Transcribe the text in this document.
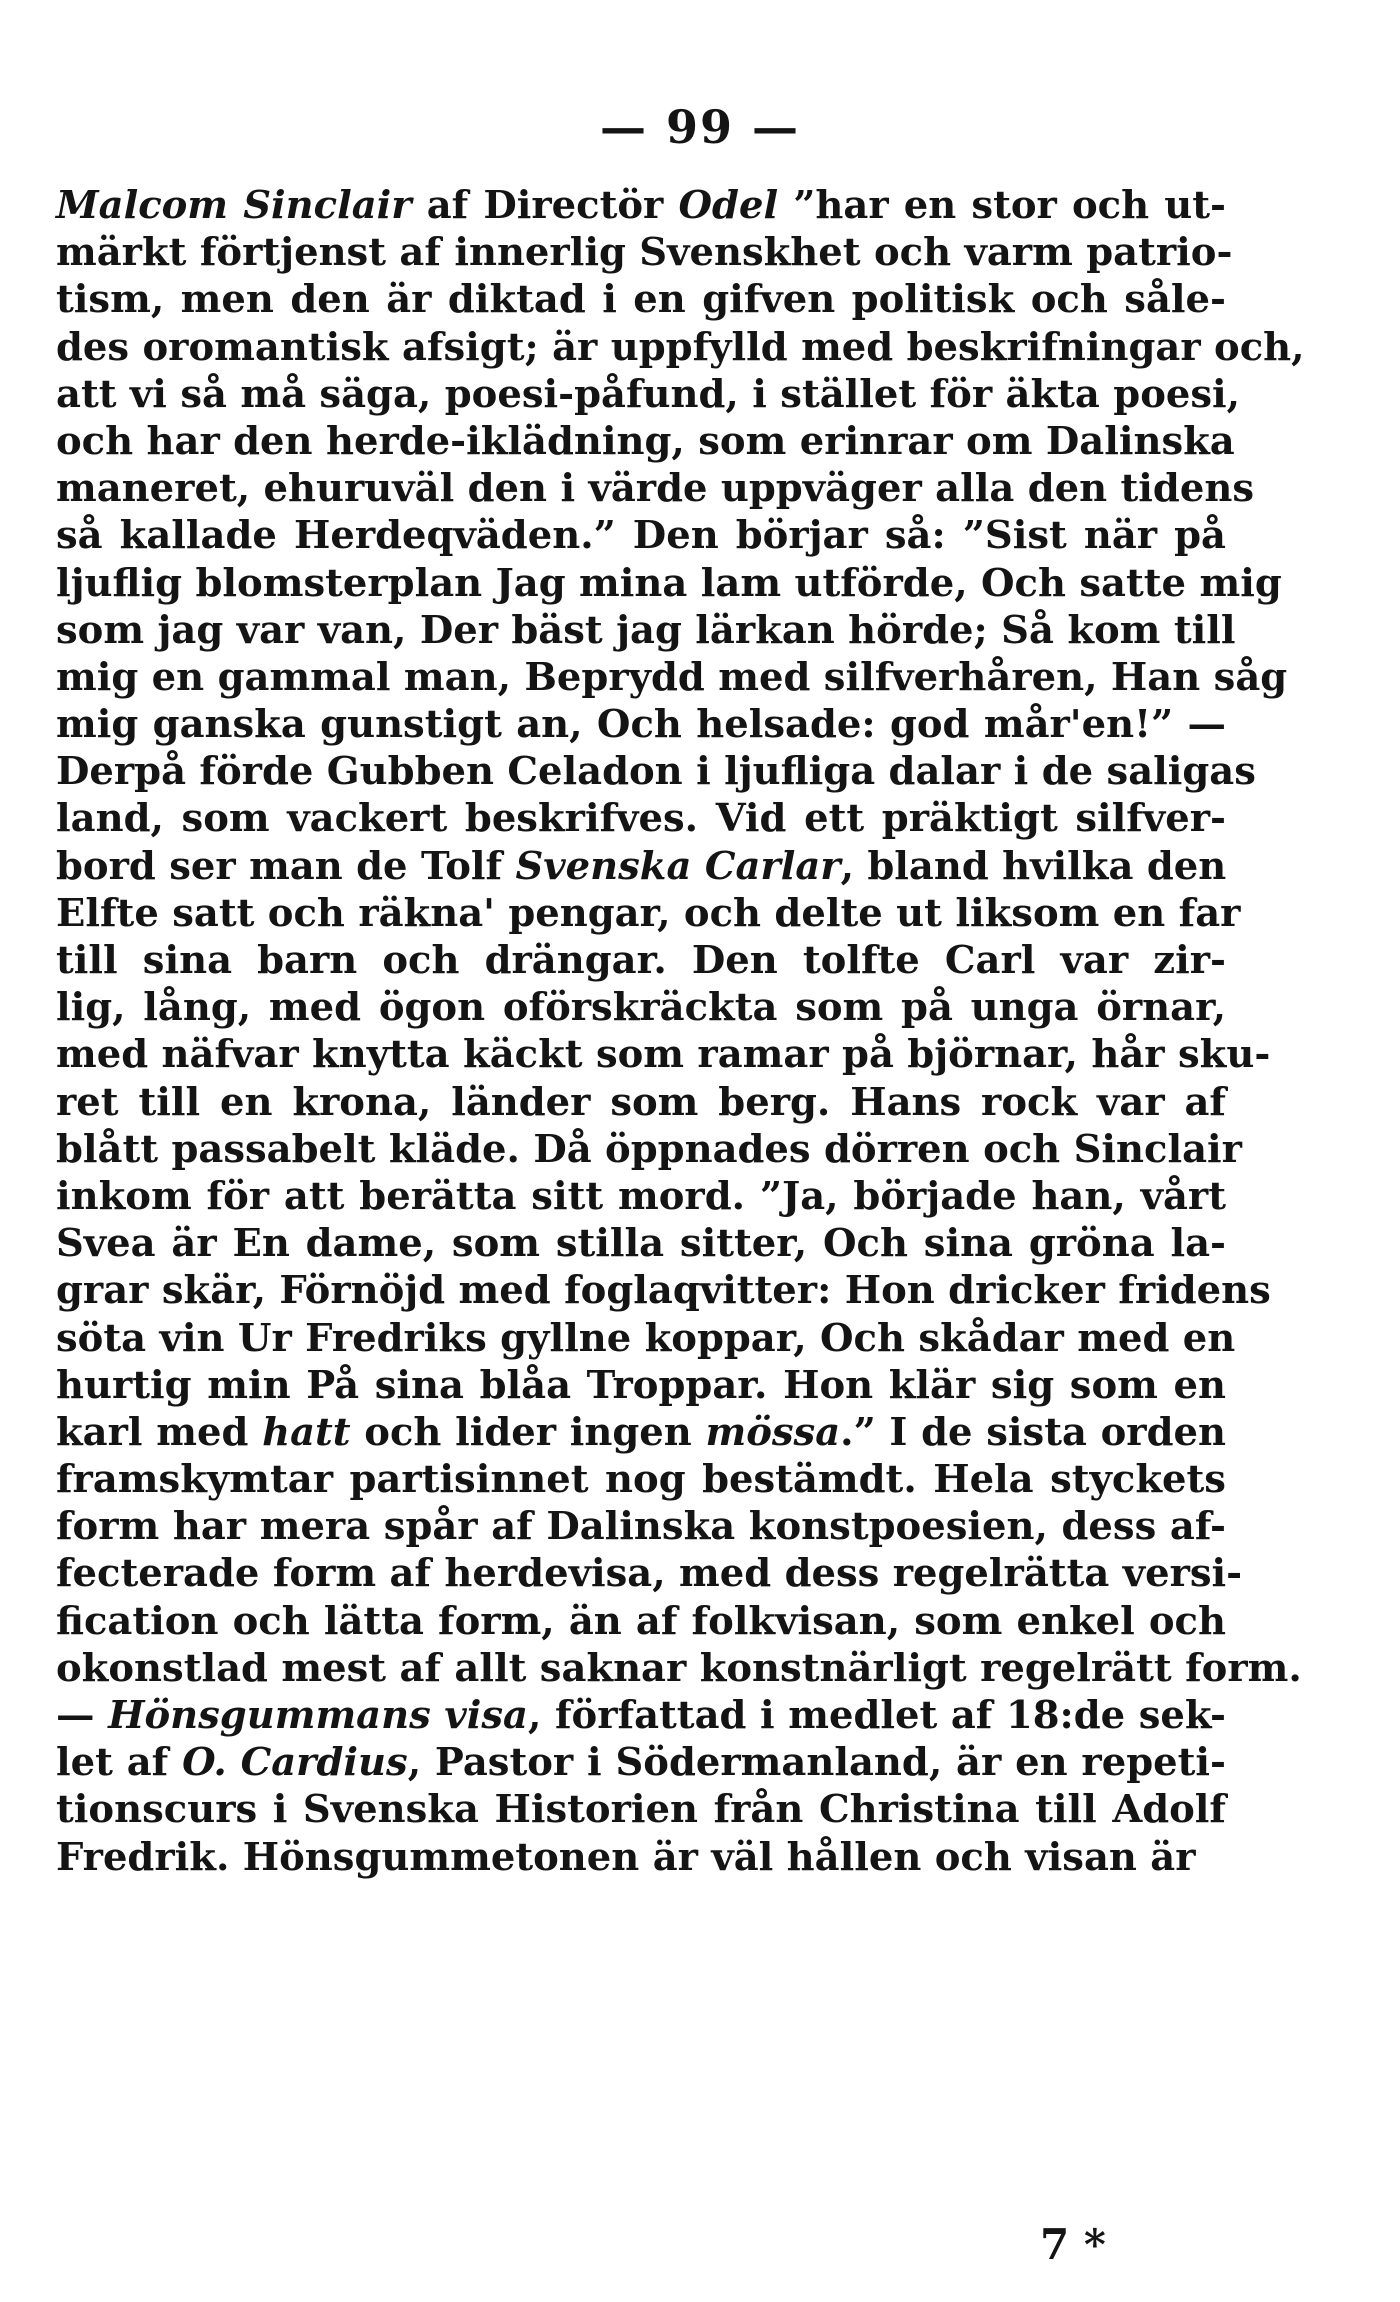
— 99 —
Malcom Sinclair af Directör Odel ”har en stor och ut-
märkt förtjenst af innerlig Svenskhet och varm patrio-
tism, men den är diktad i en gifven politisk och såle-
des oromantisk afsigt; är uppfylld med beskrifningar och,
att vi så må säga, poesi-påfund, i stället för äkta poesi,
och har den herde-iklädning, som erinrar om Dalinska
maneret, ehuruväl den i värde uppväger alla den tidens
så kallade Herdeqväden.” Den börjar så: ”Sist när på
ljuflig blomsterplan Jag mina lam utförde, Och satte mig
som jag var van, Der bäst jag lärkan hörde; Så kom till
mig en gammal man, Beprydd med silfverhåren, Han såg
mig ganska gunstigt an, Och helsade: god mår'en!” —
Derpå förde Gubben Celadon i ljufliga dalar i de saligas
land, som vackert beskrifves. Vid ett präktigt silfver-
bord ser man de Tolf Svenska Carlar, bland hvilka den
Elfte satt och räkna' pengar, och delte ut liksom en far
till sina barn och drängar. Den tolfte Carl var zir-
lig, lång, med ögon oförskräckta som på unga örnar,
med näfvar knytta käckt som ramar på björnar, hår sku-
ret till en krona, länder som berg. Hans rock var af
blått passabelt kläde. Då öppnades dörren och Sinclair
inkom för att berätta sitt mord. ”Ja, började han, vårt
Svea är En dame, som stilla sitter, Och sina gröna la-
grar skär, Förnöjd med foglaqvitter: Hon dricker fridens
söta vin Ur Fredriks gyllne koppar, Och skådar med en
hurtig min På sina blåa Troppar. Hon klär sig som en
karl med hatt och lider ingen mössa.” I de sista orden
framskymtar partisinnet nog bestämdt. Hela styckets
form har mera spår af Dalinska konstpoesien, dess af-
fecterade form af herdevisa, med dess regelrätta versi-
fication och lätta form, än af folkvisan, som enkel och
okonstlad mest af allt saknar konstnärligt regelrätt form.
— Hönsgummans visa, författad i medlet af 18:de sek-
let af O. Cardius, Pastor i Södermanland, är en repeti-
tionscurs i Svenska Historien från Christina till Adolf
Fredrik. Hönsgummetonen är väl hållen och visan är
7 *
